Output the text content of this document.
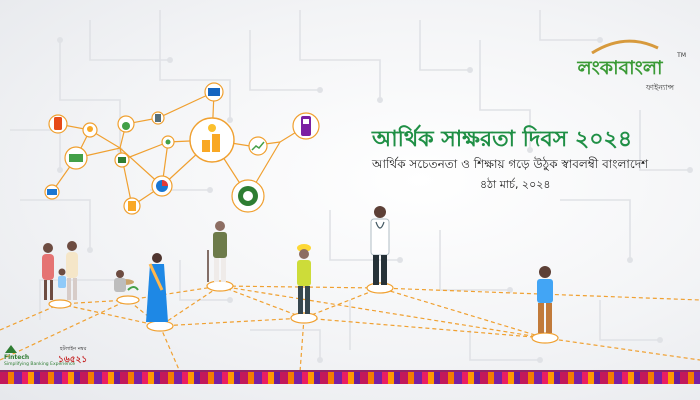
লংকাবাংলা
TM
ফাইন্যান্স
আর্থিক সাক্ষরতা দিবস ২০২৪
আর্থিক সচেতনতা ও শিক্ষায় গড়ে উঠুক স্বাবলম্বী বাংলাদেশ
৪ঠা মার্চ, ২০২৪
Fintech
Simplifying Banking Experience
হটলাইন নম্বর
১৬৫২১
